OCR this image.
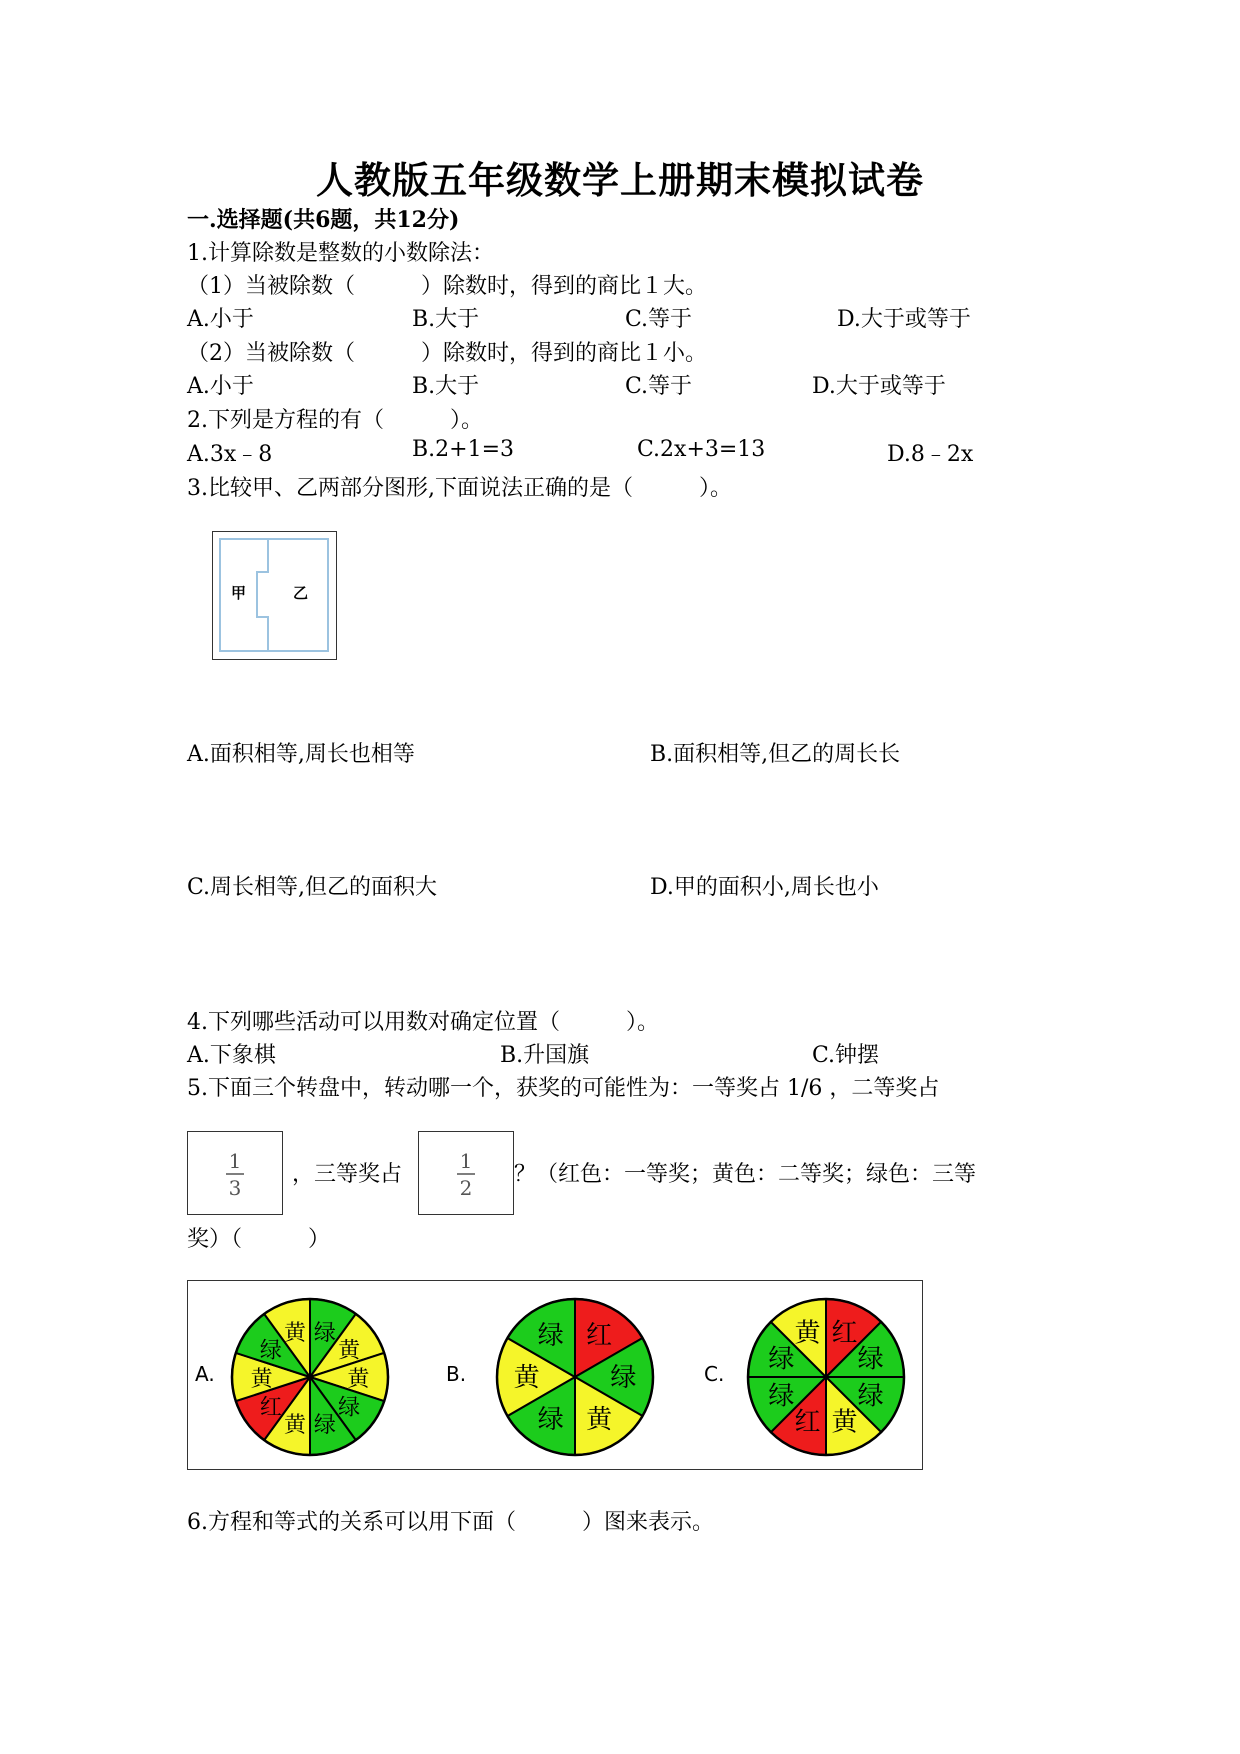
人教版五年级数学上册期末模拟试卷
一.选择题(共6题，共12分)
1.计算除数是整数的小数除法：
（1）当被除数（　　　）除数时，得到的商比１大。
A.小于	B.大于	C.等于	D.大于或等于
（2）当被除数（　　　）除数时，得到的商比１小。
A.小于	B.大于	C.等于	D.大于或等于
2.下列是方程的有（　　　）。
A.3x﹣8	B.2+1=3	C.2x+3=13	D.8﹣2x
3.比较甲、乙两部分图形,下面说法正确的是（　　　）。
甲	乙
A.面积相等,周长也相等	B.面积相等,但乙的周长长
C.周长相等,但乙的面积大	D.甲的面积小,周长也小
4.下列哪些活动可以用数对确定位置（　　　）。
A.下象棋	B.升国旗	C.钟摆
5.下面三个转盘中，转动哪一个，获奖的可能性为：一等奖占 1/6 ，二等奖占
1
3
，三等奖占
1
2
？（红色：一等奖；黄色：二等奖；绿色：三等
奖）（　　　）
A.	B.	C.
绿
黄
黄
绿
绿
黄
红
黄
绿
黄	红
绿
黄
绿
黄
绿	红
绿
绿
黄
红
绿
绿
黄
6.方程和等式的关系可以用下面（　　　）图来表示。
